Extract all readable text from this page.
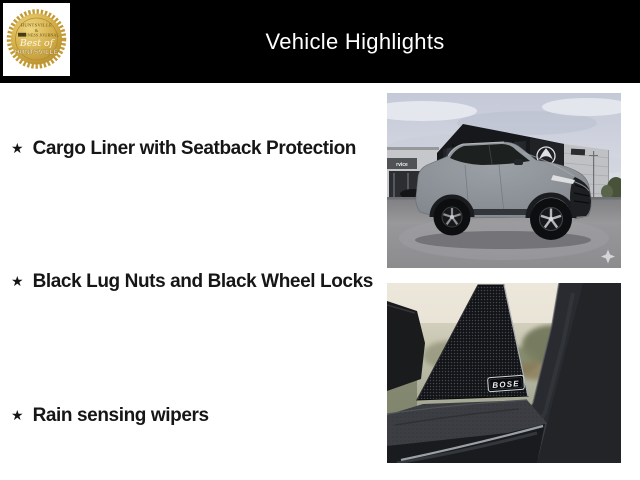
HUNTSVILLE
&
BUSINESS JOURNAL
Best of
HUNTSVILLE	Vehicle Highlights
★ Cargo Liner with Seatback Protection
★ Black Lug Nuts and Black Wheel Locks
★ Rain sensing wipers
rvice
BOSE
